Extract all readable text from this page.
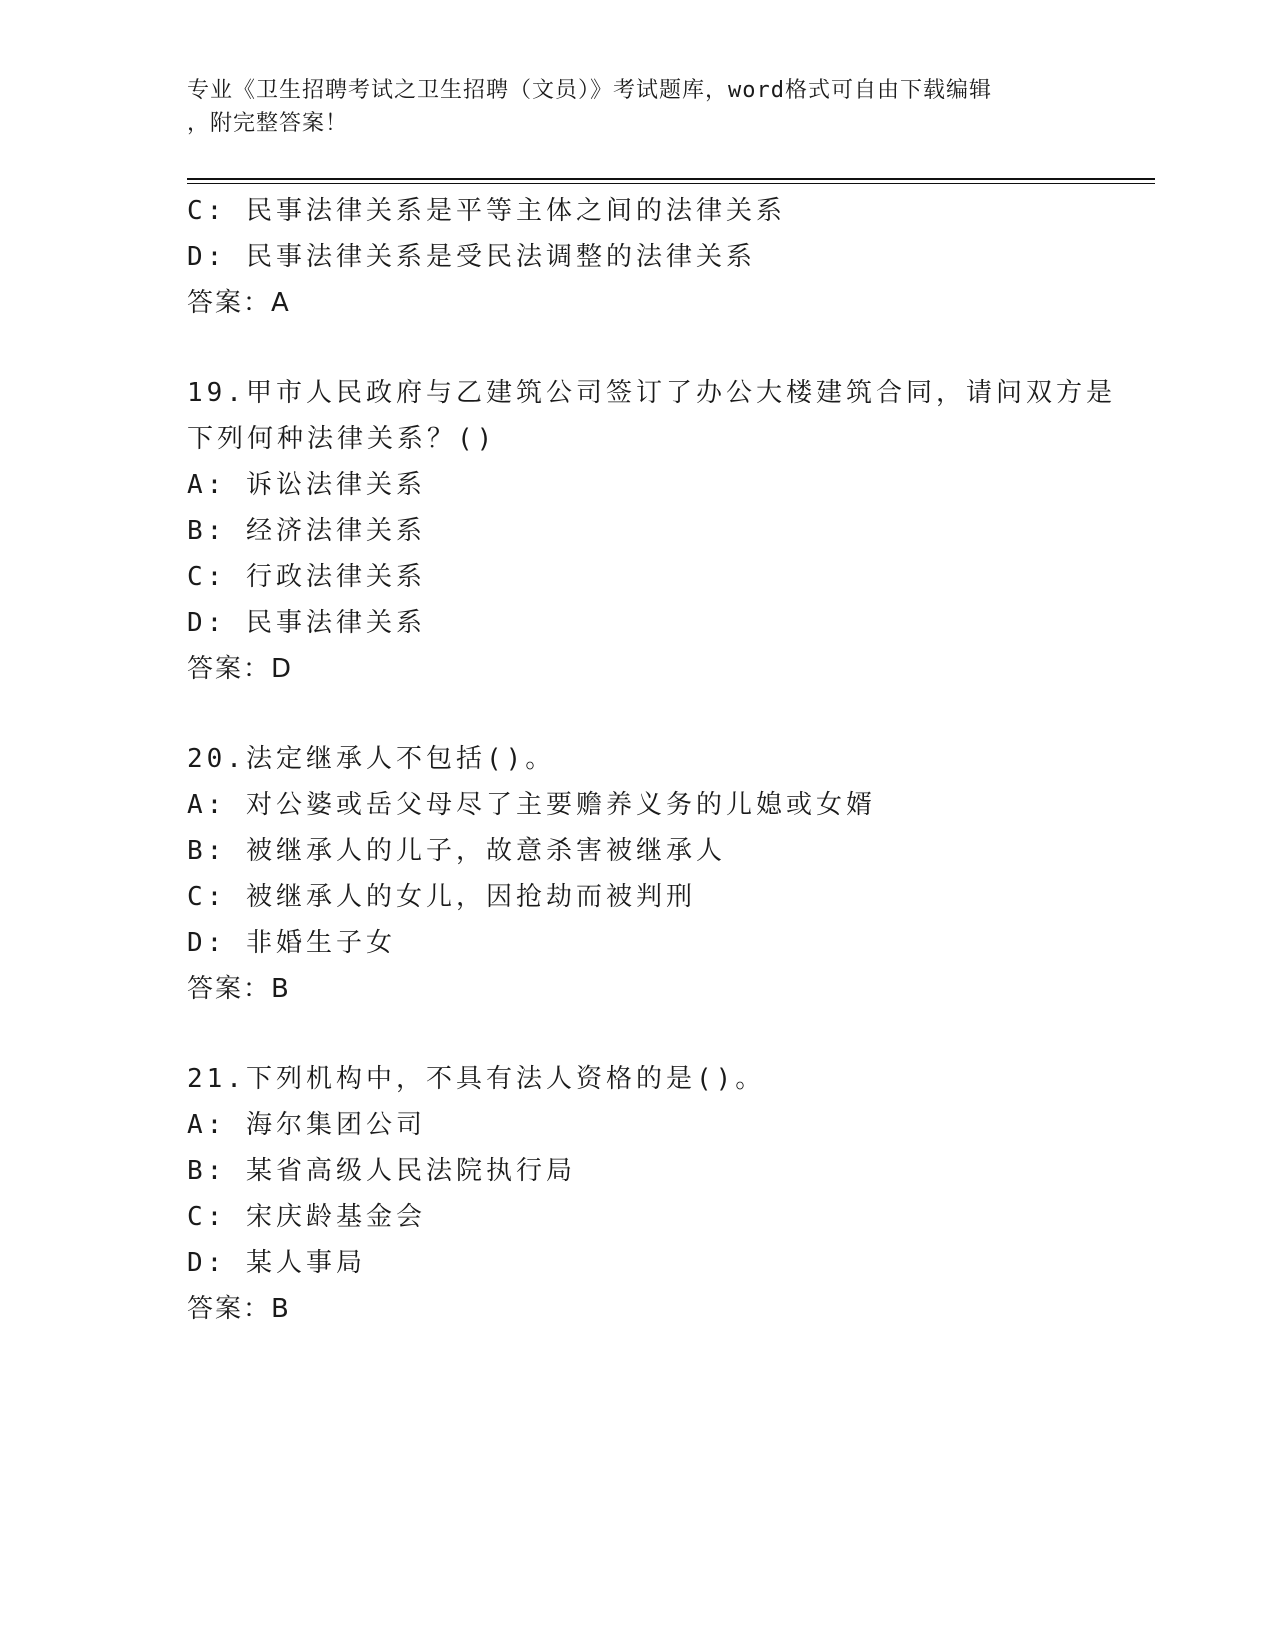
专业《卫生招聘考试之卫生招聘（文员）》考试题库，word格式可自由下载编辑
，附完整答案！
C: 民事法律关系是平等主体之间的法律关系
D: 民事法律关系是受民法调整的法律关系
答案：A
19.甲市人民政府与乙建筑公司签订了办公大楼建筑合同，请问双方是
下列何种法律关系？()
A: 诉讼法律关系
B: 经济法律关系
C: 行政法律关系
D: 民事法律关系
答案：D
20.法定继承人不包括()。
A: 对公婆或岳父母尽了主要赡养义务的儿媳或女婿
B: 被继承人的儿子，故意杀害被继承人
C: 被继承人的女儿，因抢劫而被判刑
D: 非婚生子女
答案：B
21.下列机构中，不具有法人资格的是()。
A: 海尔集团公司
B: 某省高级人民法院执行局
C: 宋庆龄基金会
D: 某人事局
答案：B
